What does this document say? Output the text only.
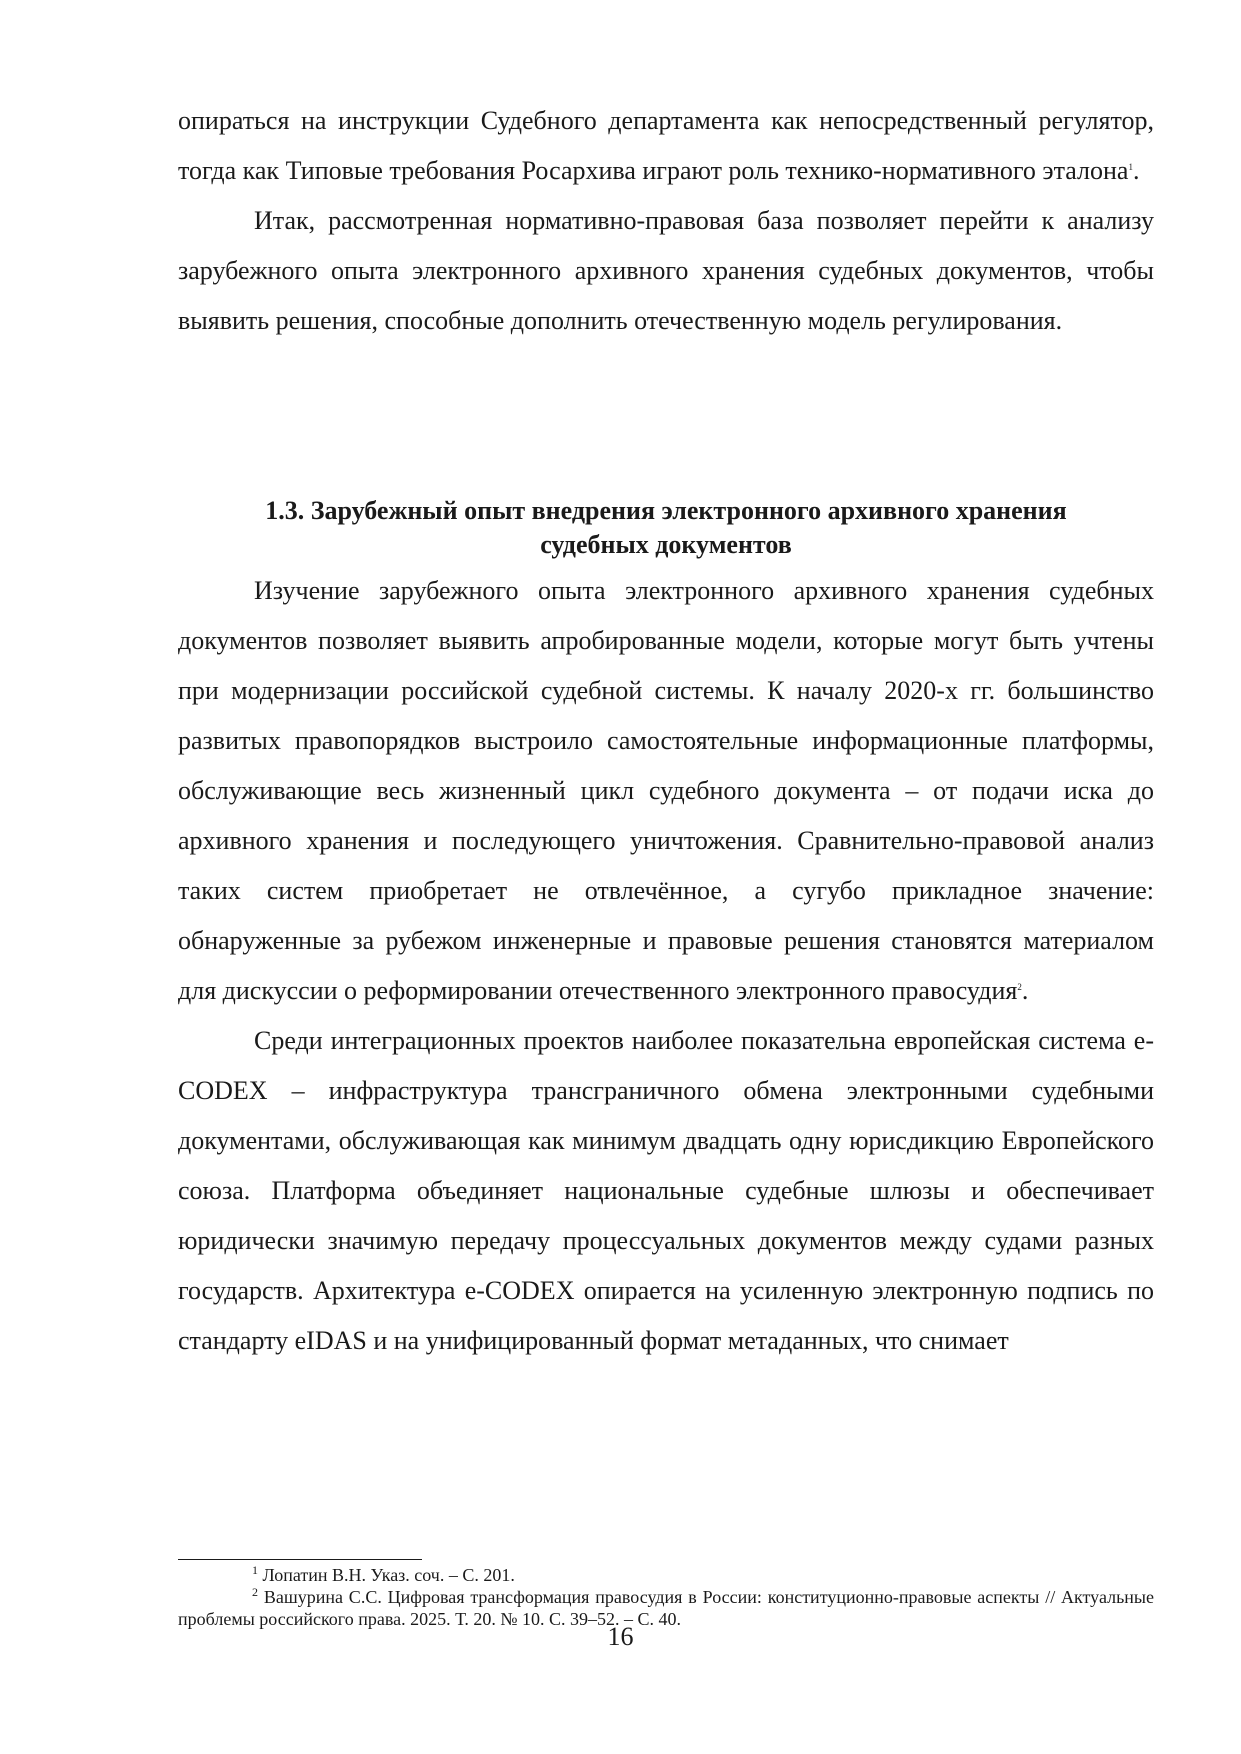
опираться на инструкции Судебного департамента как непосредственный регулятор, тогда как Типовые требования Росархива играют роль технико-нормативного эталона$^1$.

Итак, рассмотренная нормативно-правовая база позволяет перейти к анализу зарубежного опыта электронного архивного хранения судебных документов, чтобы выявить решения, способные дополнить отечественную модель регулирования.

1.3. Зарубежный опыт внедрения электронного архивного хранения
судебных документов

Изучение зарубежного опыта электронного архивного хранения судебных документов позволяет выявить апробированные модели, которые могут быть учтены при модернизации российской судебной системы. К началу 2020-х гг. большинство развитых правопорядков выстроило самостоятельные информационные платформы, обслуживающие весь жизненный цикл судебного документа – от подачи иска до архивного хранения и последующего уничтожения. Сравнительно-правовой анализ таких систем приобретает не отвлечённое, а сугубо прикладное значение: обнаруженные за рубежом инженерные и правовые решения становятся материалом для дискуссии о реформировании отечественного электронного правосудия$^2$.

Среди интеграционных проектов наиболее показательна европейская система e-CODEX – инфраструктура трансграничного обмена электронными судебными документами, обслуживающая как минимум двадцать одну юрисдикцию Европейского союза. Платформа объединяет национальные судебные шлюзы и обеспечивает юридически значимую передачу процессуальных документов между судами разных государств. Архитектура e-CODEX опирается на усиленную электронную подпись по стандарту eIDAS и на унифицированный формат метаданных, что снимает

$^1$ Лопатин В.Н. Указ. соч. – С. 201.

$^2$ Вашурина С.С. Цифровая трансформация правосудия в России: конституционно-правовые аспекты // Актуальные проблемы российского права. 2025. Т. 20. № 10. С. 39–52. – С. 40.

16
